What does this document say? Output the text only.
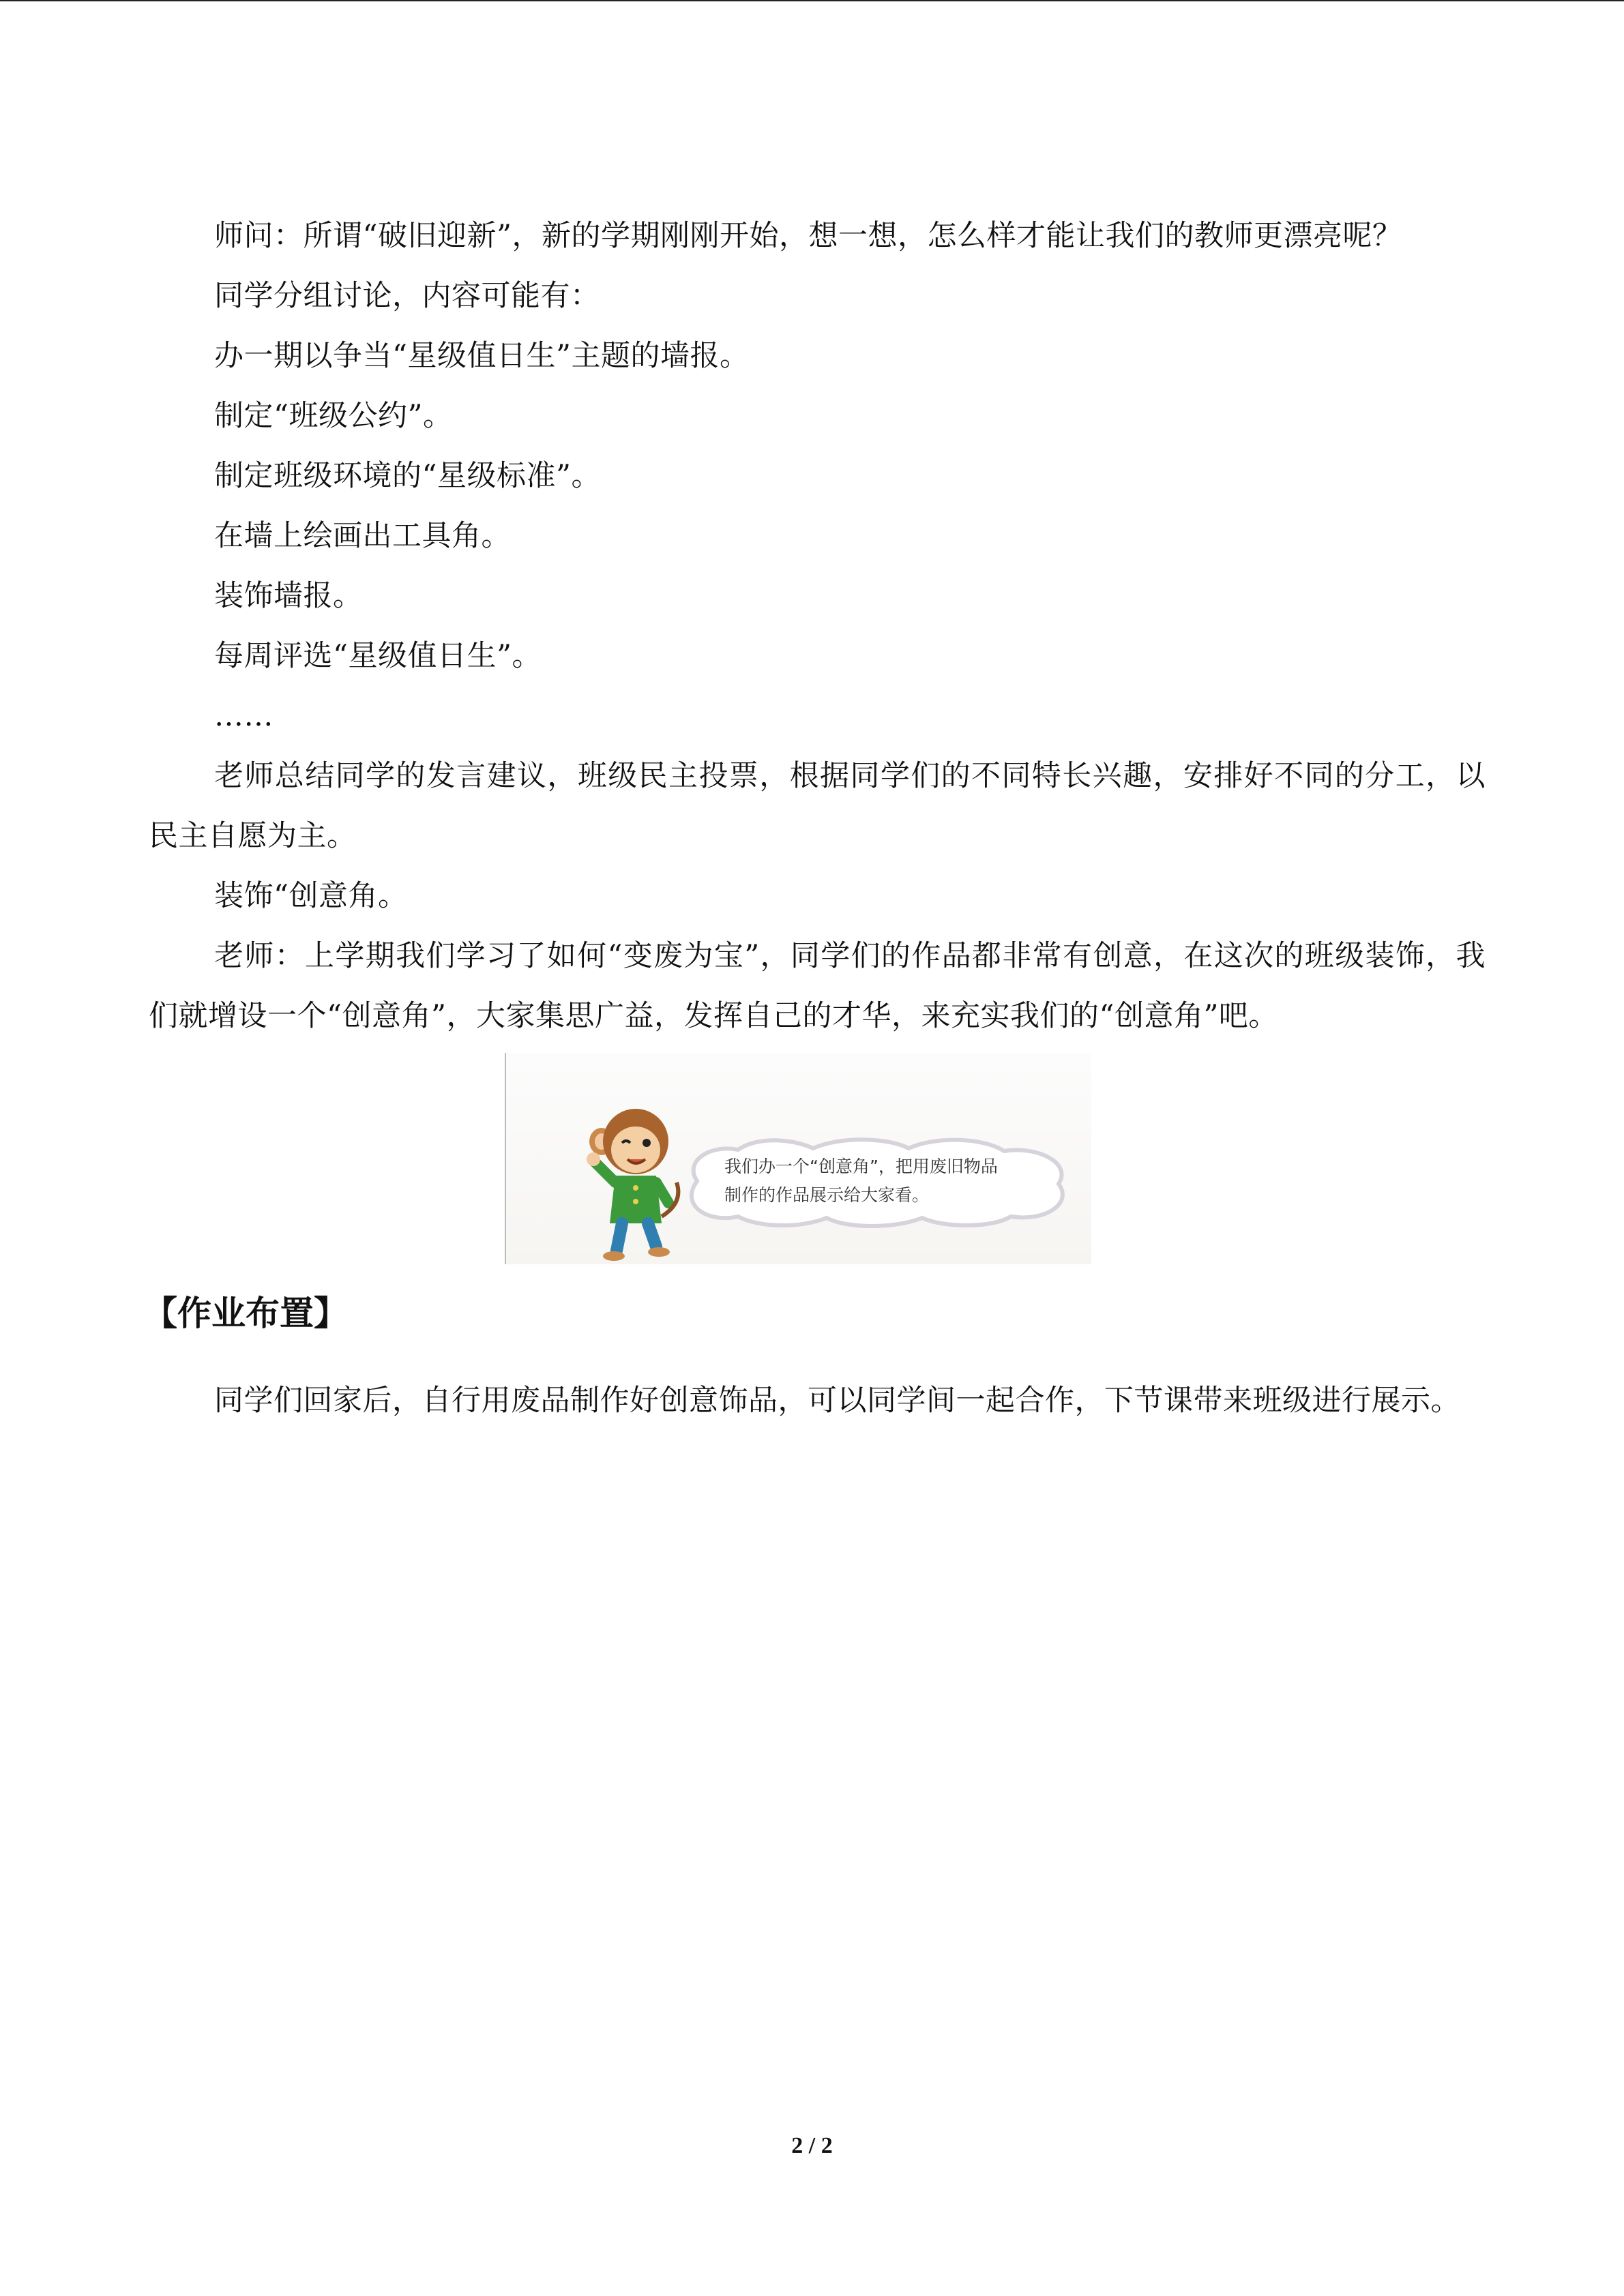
师问：所谓“破旧迎新”，新的学期刚刚开始，想一想，怎么样才能让我们的教师更漂亮呢？

同学分组讨论，内容可能有：

办一期以争当“星级值日生”主题的墙报。

制定“班级公约”。

制定班级环境的“星级标准”。

在墙上绘画出工具角。

装饰墙报。

每周评选“星级值日生”。

……

老师总结同学的发言建议，班级民主投票，根据同学们的不同特长兴趣，安排好不同的分工，以民主自愿为主。

装饰“创意角。

老师：上学期我们学习了如何“变废为宝”，同学们的作品都非常有创意，在这次的班级装饰，我们就增设一个“创意角”，大家集思广益，发挥自己的才华，来充实我们的“创意角”吧。

我们办一个“创意角”，把用废旧物品

制作的作品展示给大家看。

【作业布置】

同学们回家后，自行用废品制作好创意饰品，可以同学间一起合作，下节课带来班级进行展示。

2 / 2
